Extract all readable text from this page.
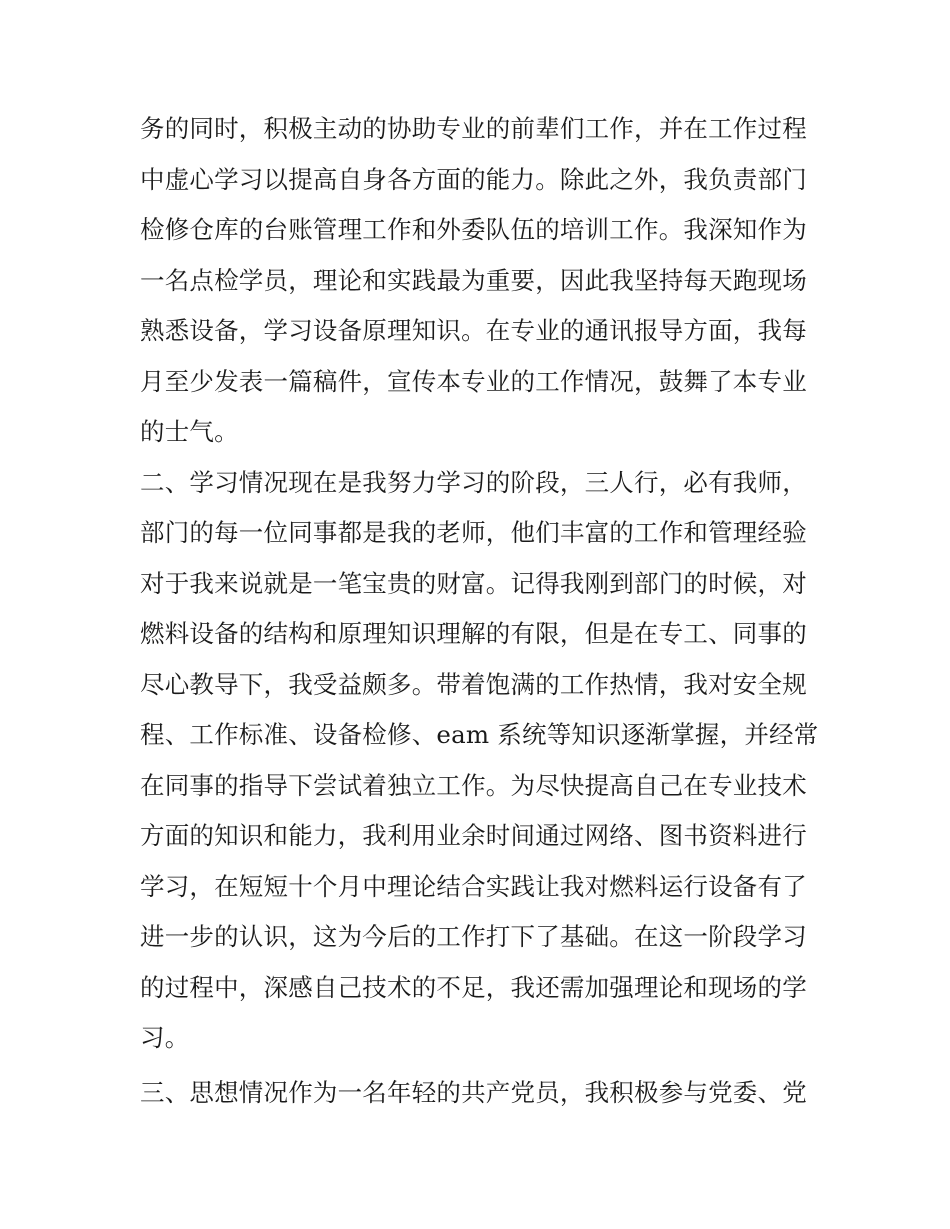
务的同时，积极主动的协助专业的前辈们工作，并在工作过程
中虚心学习以提高自身各方面的能力。除此之外，我负责部门
检修仓库的台账管理工作和外委队伍的培训工作。我深知作为
一名点检学员，理论和实践最为重要，因此我坚持每天跑现场
熟悉设备，学习设备原理知识。在专业的通讯报导方面，我每
月至少发表一篇稿件，宣传本专业的工作情况，鼓舞了本专业
的士气。
二、学习情况现在是我努力学习的阶段，三人行，必有我师，
部门的每一位同事都是我的老师，他们丰富的工作和管理经验
对于我来说就是一笔宝贵的财富。记得我刚到部门的时候，对
燃料设备的结构和原理知识理解的有限，但是在专工、同事的
尽心教导下，我受益颇多。带着饱满的工作热情，我对安全规
程、工作标准、设备检修、eam 系统等知识逐渐掌握，并经常
在同事的指导下尝试着独立工作。为尽快提高自己在专业技术
方面的知识和能力，我利用业余时间通过网络、图书资料进行
学习，在短短十个月中理论结合实践让我对燃料运行设备有了
进一步的认识，这为今后的工作打下了基础。在这一阶段学习
的过程中，深感自己技术的不足，我还需加强理论和现场的学
习。
三、思想情况作为一名年轻的共产党员，我积极参与党委、党
